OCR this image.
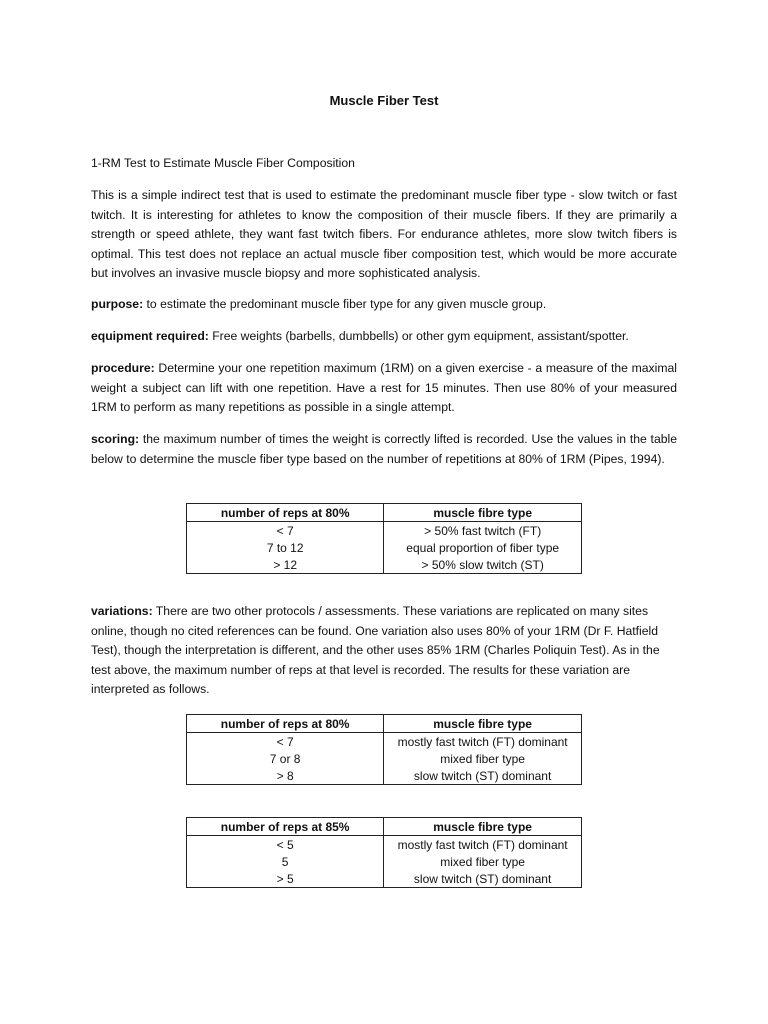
Muscle Fiber Test

1-RM Test to Estimate Muscle Fiber Composition

This is a simple indirect test that is used to estimate the predominant muscle fiber type - slow twitch or fast twitch. It is interesting for athletes to know the composition of their muscle fibers. If they are primarily a strength or speed athlete, they want fast twitch fibers. For endurance athletes, more slow twitch fibers is optimal. This test does not replace an actual muscle fiber composition test, which would be more accurate but involves an invasive muscle biopsy and more sophisticated analysis.

purpose: to estimate the predominant muscle fiber type for any given muscle group.

equipment required: Free weights (barbells, dumbbells) or other gym equipment, assistant/spotter.

procedure: Determine your one repetition maximum (1RM) on a given exercise - a measure of the maximal weight a subject can lift with one repetition. Have a rest for 15 minutes. Then use 80% of your measured 1RM to perform as many repetitions as possible in a single attempt.

scoring: the maximum number of times the weight is correctly lifted is recorded. Use the values in the table below to determine the muscle fiber type based on the number of repetitions at 80% of 1RM (Pipes, 1994).

number of reps at 80%	muscle fibre type
< 7	> 50% fast twitch (FT)
7 to 12	equal proportion of fiber type
> 12	> 50% slow twitch (ST)

variations: There are two other protocols / assessments. These variations are replicated on many sites online, though no cited references can be found. One variation also uses 80% of your 1RM (Dr F. Hatfield Test), though the interpretation is different, and the other uses 85% 1RM (Charles Poliquin Test). As in the test above, the maximum number of reps at that level is recorded. The results for these variation are interpreted as follows.

number of reps at 80%	muscle fibre type
< 7	mostly fast twitch (FT) dominant
7 or 8	mixed fiber type
> 8	slow twitch (ST) dominant
number of reps at 85%	muscle fibre type
< 5	mostly fast twitch (FT) dominant
5	mixed fiber type
> 5	slow twitch (ST) dominant
